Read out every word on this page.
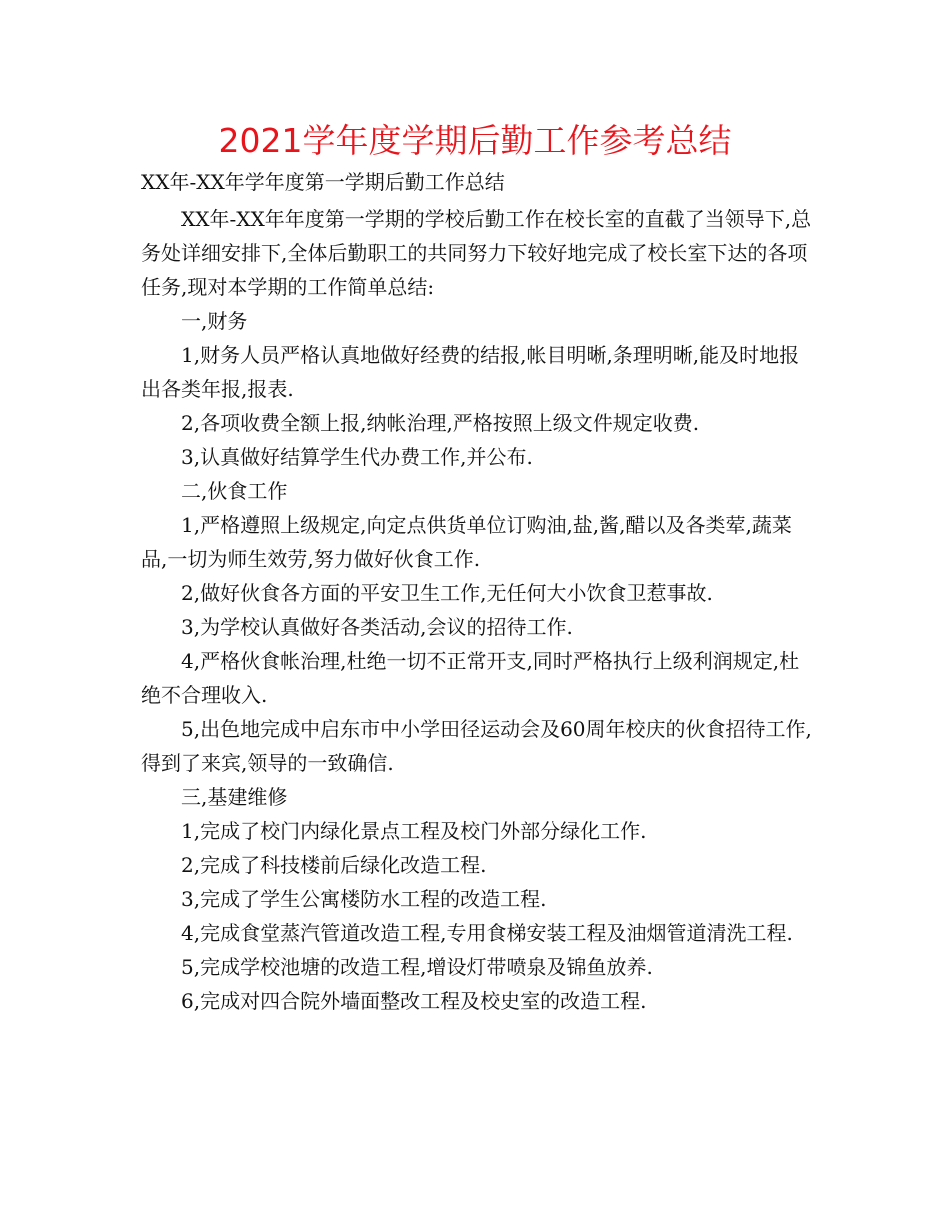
2021学年度学期后勤工作参考总结
XX年-XX年学年度第一学期后勤工作总结

XX年-XX年年度第一学期的学校后勤工作在校长室的直截了当领导下,总务处详细安排下,全体后勤职工的共同努力下较好地完成了校长室下达的各项任务,现对本学期的工作简单总结:

一,财务

1,财务人员严格认真地做好经费的结报,帐目明晰,条理明晰,能及时地报出各类年报,报表.

2,各项收费全额上报,纳帐治理,严格按照上级文件规定收费.

3,认真做好结算学生代办费工作,并公布.

二,伙食工作

1,严格遵照上级规定,向定点供货单位订购油,盐,酱,醋以及各类荤,蔬菜品,一切为师生效劳,努力做好伙食工作.

2,做好伙食各方面的平安卫生工作,无任何大小饮食卫惹事故.

3,为学校认真做好各类活动,会议的招待工作.

4,严格伙食帐治理,杜绝一切不正常开支,同时严格执行上级利润规定,杜绝不合理收入.

5,出色地完成中启东市中小学田径运动会及60周年校庆的伙食招待工作,得到了来宾,领导的一致确信.

三,基建维修

1,完成了校门内绿化景点工程及校门外部分绿化工作.

2,完成了科技楼前后绿化改造工程.

3,完成了学生公寓楼防水工程的改造工程.

4,完成食堂蒸汽管道改造工程,专用食梯安装工程及油烟管道清洗工程.

5,完成学校池塘的改造工程,增设灯带喷泉及锦鱼放养.

6,完成对四合院外墙面整改工程及校史室的改造工程.
